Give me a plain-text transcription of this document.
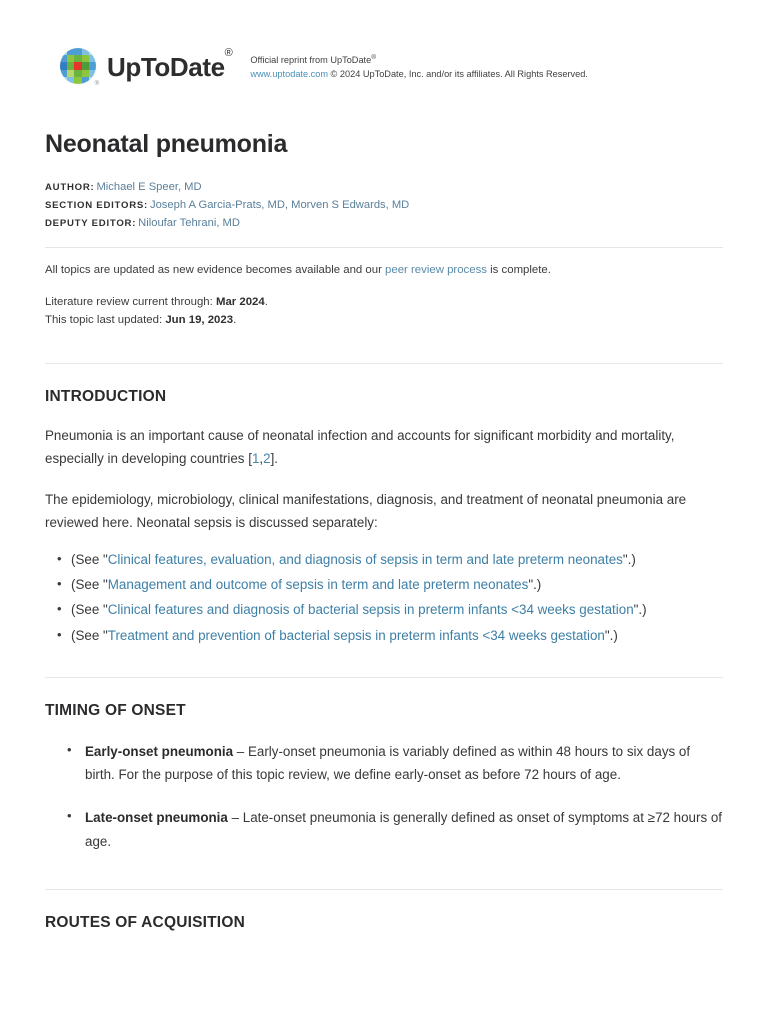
®
UpToDate®
Official reprint from UpToDate®
www.uptodate.com © 2024 UpToDate, Inc. and/or its affiliates. All Rights Reserved.
Neonatal pneumonia
AUTHOR: Michael E Speer, MD
SECTION EDITORS: Joseph A Garcia-Prats, MD, Morven S Edwards, MD
DEPUTY EDITOR: Niloufar Tehrani, MD
All topics are updated as new evidence becomes available and our peer review process is complete.
Literature review current through: Mar 2024.
This topic last updated: Jun 19, 2023.
INTRODUCTION

Pneumonia is an important cause of neonatal infection and accounts for significant morbidity and mortality, especially in developing countries [1,2].

The epidemiology, microbiology, clinical manifestations, diagnosis, and treatment of neonatal pneumonia are reviewed here. Neonatal sepsis is discussed separately:

• (See "Clinical features, evaluation, and diagnosis of sepsis in term and late preterm neonates".)
• (See "Management and outcome of sepsis in term and late preterm neonates".)
• (See "Clinical features and diagnosis of bacterial sepsis in preterm infants <34 weeks gestation".)
• (See "Treatment and prevention of bacterial sepsis in preterm infants <34 weeks gestation".)
TIMING OF ONSET
• Early-onset pneumonia – Early-onset pneumonia is variably defined as within 48 hours to six days of birth. For the purpose of this topic review, we define early-onset as before 72 hours of age.
• Late-onset pneumonia – Late-onset pneumonia is generally defined as onset of symptoms at ≥72 hours of age.
ROUTES OF ACQUISITION
